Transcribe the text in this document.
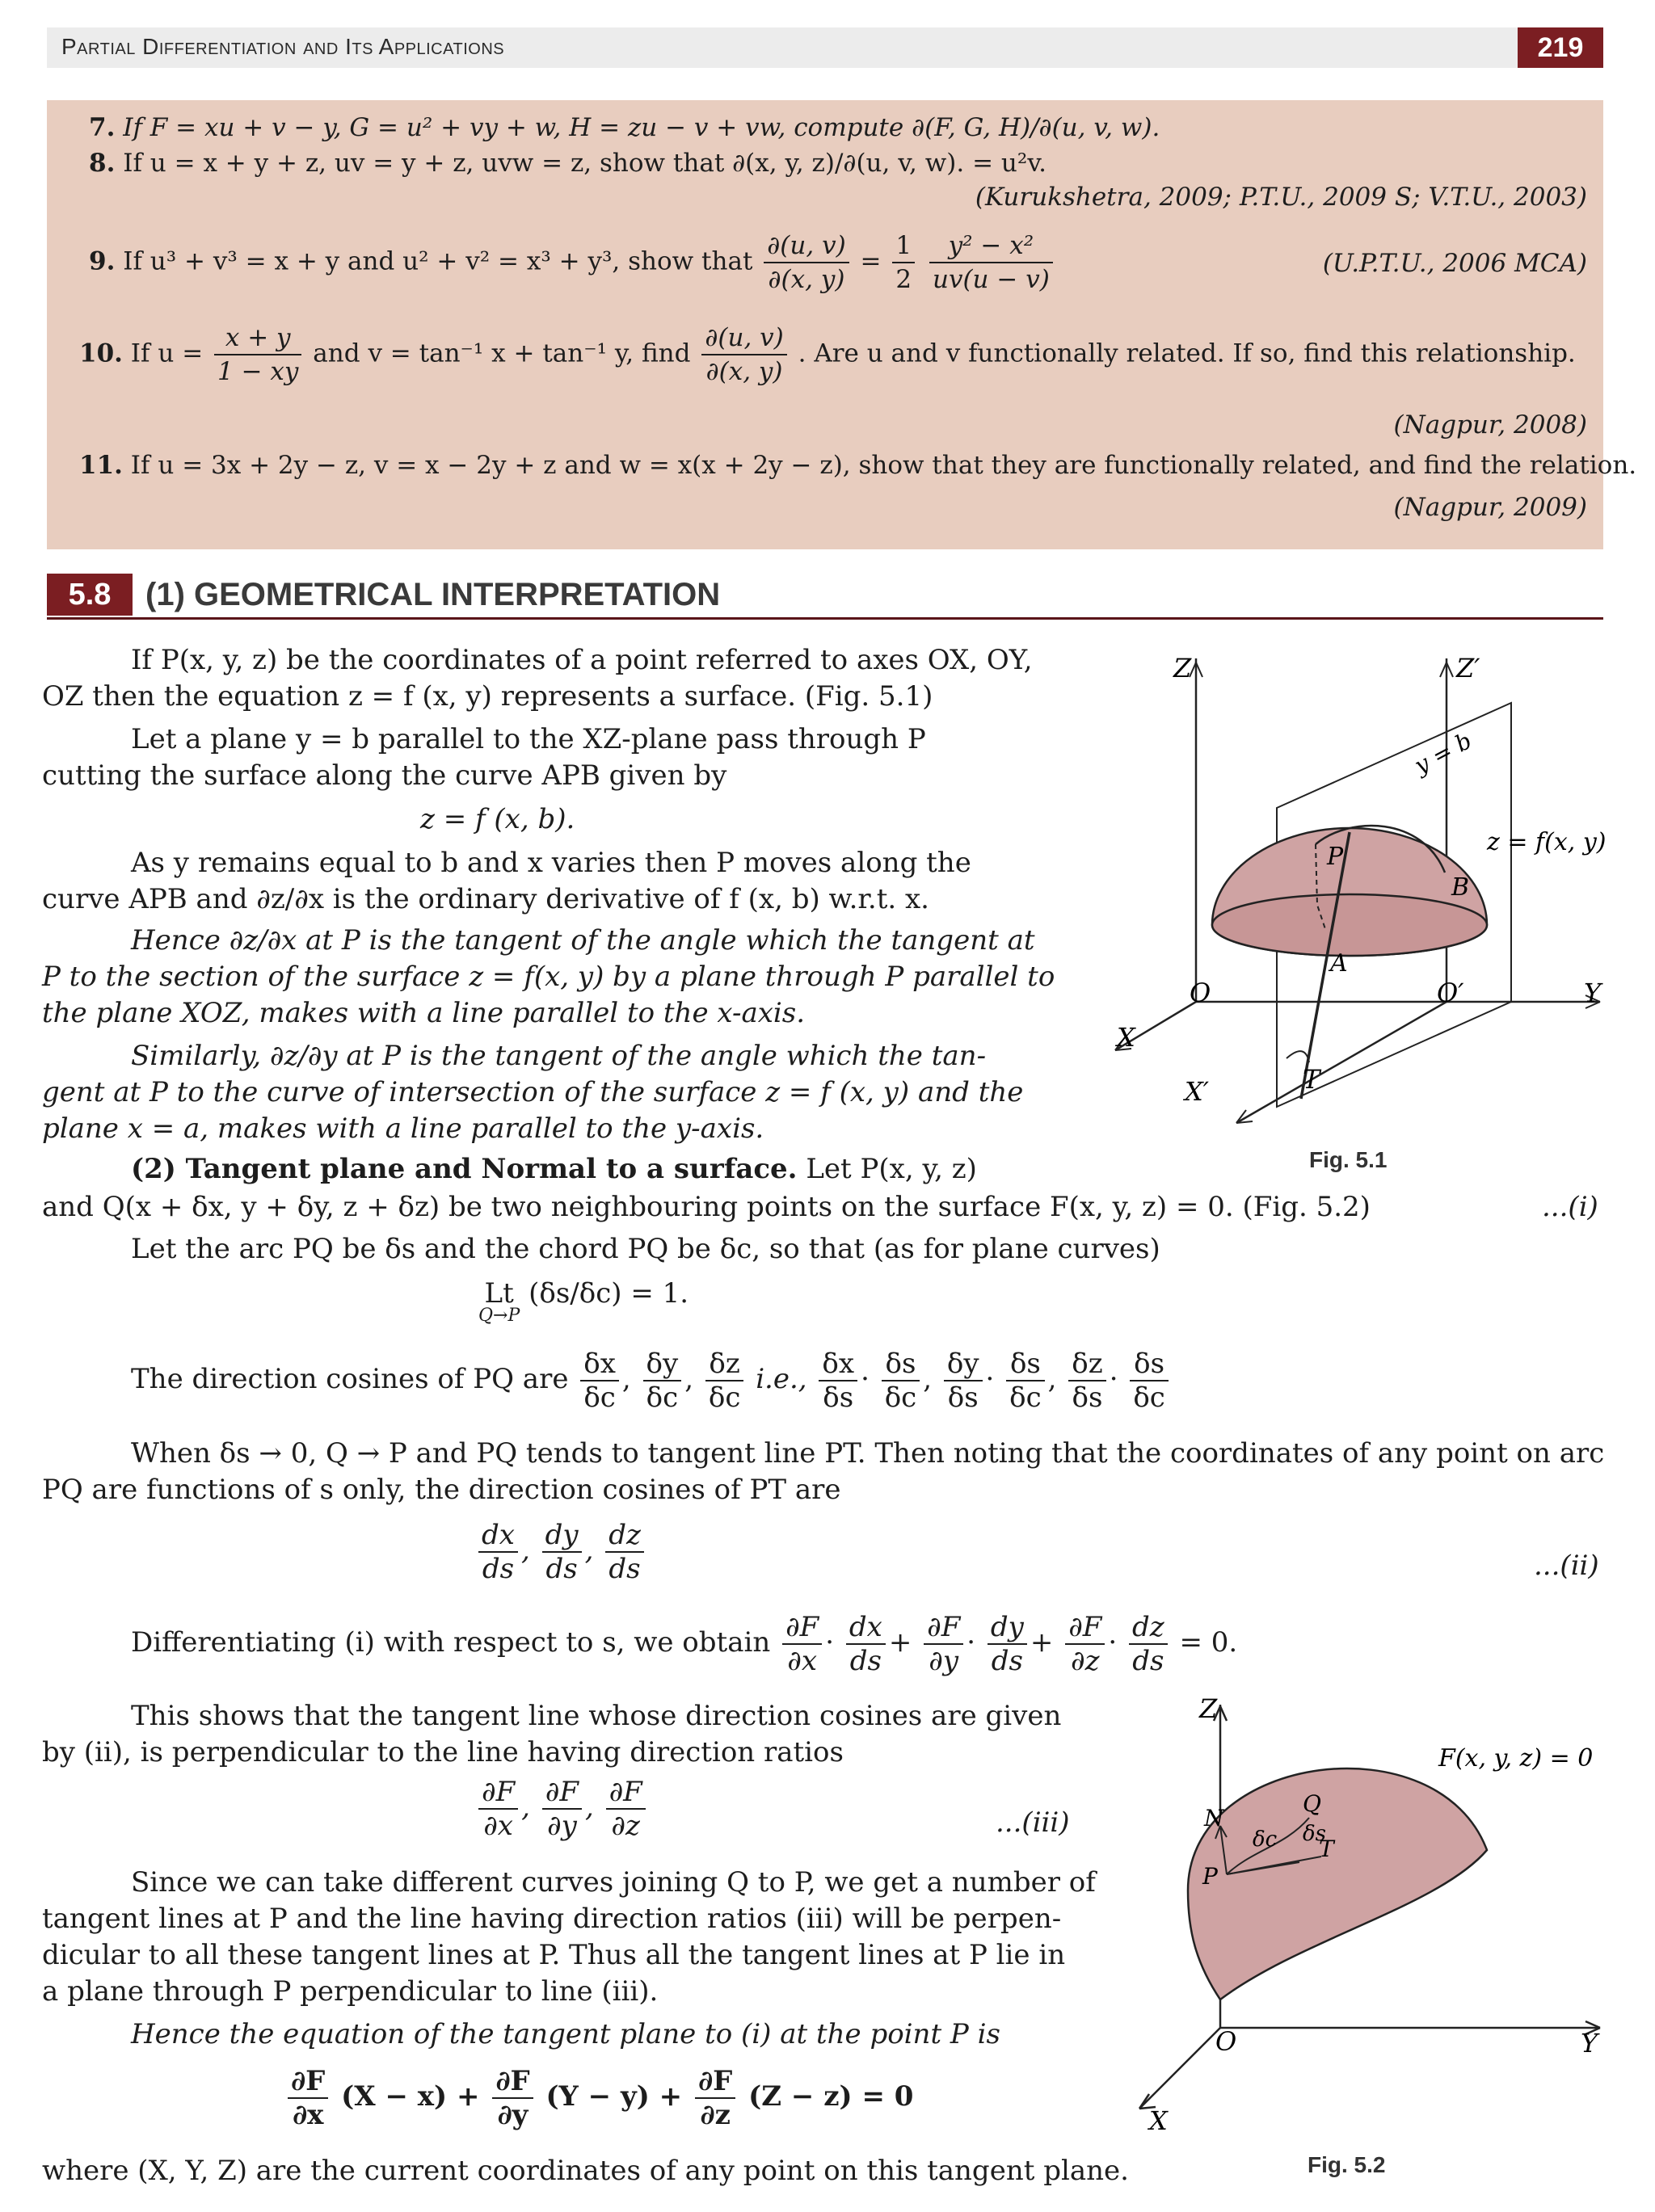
Partial Differentiation and Its Applications	219
7. If F = xu + v − y, G = u² + vy + w, H = zu − v + vw, compute ∂(F, G, H)/∂(u, v, w).
8. If u = x + y + z, uv = y + z, uvw = z, show that ∂(x, y, z)/∂(u, v, w). = u²v.
(Kurukshetra, 2009; P.T.U., 2009 S; V.T.U., 2003)
9. If u³ + v³ = x + y and u² + v² = x³ + y³, show that $\frac{\partial(u, v)}{\partial(x, y)} = \frac{1}{2}$
$\frac{\text{y² − x²}}{uv(u - v)}$	(U.P.T.U., 2006 MCA)
10. If $u = \frac{x + y}{1 - xy}$ and v = tan⁻¹ x + tan⁻¹ y, find $\frac{\partial(u, v)}{\partial(x, y)}$ . Are u and v functionally related. If so, find this relationship.
(Nagpur, 2008)
11. If u = 3x + 2y − z, v = x − 2y + z and w = x(x + 2y − z), show that they are functionally related, and find the relation.
(Nagpur, 2009)
5.8	(1) GEOMETRICAL INTERPRETATION
If P(x, y, z) be the coordinates of a point referred to axes OX, OY,
OZ then the equation z = f (x, y) represents a surface. (Fig. 5.1)
Let a plane y = b parallel to the XZ-plane pass through P
cutting the surface along the curve APB given by
z = f (x, b).
As y remains equal to b and x varies then P moves along the
curve APB and ∂z/∂x is the ordinary derivative of f (x, b) w.r.t. x.
Hence ∂z/∂x at P is the tangent of the angle which the tangent at
P to the section of the surface z = f(x, y) by a plane through P parallel to
the plane XOZ, makes with a line parallel to the x-axis.
Similarly, ∂z/∂y at P is the tangent of the angle which the tan-
gent at P to the curve of intersection of the surface z = f (x, y) and the
plane x = a, makes with a line parallel to the y-axis.
(2) Tangent plane and Normal to a surface. Let P(x, y, z)
and Q(x + δx, y + δy, z + δz) be two neighbouring points on the surface F(x, y, z) = 0. (Fig. 5.2)	...(i)
Let the arc PQ be δs and the chord PQ be δc, so that (as for plane curves)
Lt
Q→P
(δs/δc) = 1.
The direction cosines of PQ are $\frac{\delta x}{\delta c}$ , $\frac{\delta y}{\delta c}$ , $\frac{\delta z}{\delta c} i.e$., $\frac{\delta x}{\delta s} \cdot \frac{\delta s}{\delta c}$ , $\frac{\delta y}{\delta s} \cdot \frac{\delta s}{\delta c}$ , $\frac{\delta z}{\delta s} \cdot \frac{\delta s}{\delta c}$
When δs → 0, Q → P and PQ tends to tangent line PT. Then noting that the coordinates of any point on arc
PQ are functions of s only, the direction cosines of PT are
$\frac{dx}{ds}$ , $\frac{dy}{ds}$ , $\frac{dz}{ds}$	...(ii)
Differentiating (i) with respect to s, we obtain $\frac{\partial F}{\partial x} \cdot \frac{dx}{ds} + \frac{\partial F}{\partial y} \cdot \frac{dy}{ds} + \frac{\partial F}{\partial z} \cdot \frac{dz}{ds} = 0$.
This shows that the tangent line whose direction cosines are given
by (ii), is perpendicular to the line having direction ratios
$\frac{\partial F}{\partial x}$ , $\frac{\partial F}{\partial y}$ , $\frac{\partial F}{\partial z}$	...(iii)
Since we can take different curves joining Q to P, we get a number of
tangent lines at P and the line having direction ratios (iii) will be perpen-
dicular to all these tangent lines at P. Thus all the tangent lines at P lie in
a plane through P perpendicular to line (iii).
Hence the equation of the tangent plane to (i) at the point P is
$\frac{\partial F}{\partial x} (X - x) + \frac{\partial F}{\partial y} (Y - y) + \frac{\partial F}{\partial z} (Z - z) = 0$
where (X, Y, Z) are the current coordinates of any point on this tangent plane.
Z	Z′
y = b
z = f(x, y)
P
B
A
O	O′	Y
X
X′	T
Fig. 5.1
P
N
Q
T
δc δs
F(x, y, z) = 0
Z
O	Y
X
Fig. 5.2
